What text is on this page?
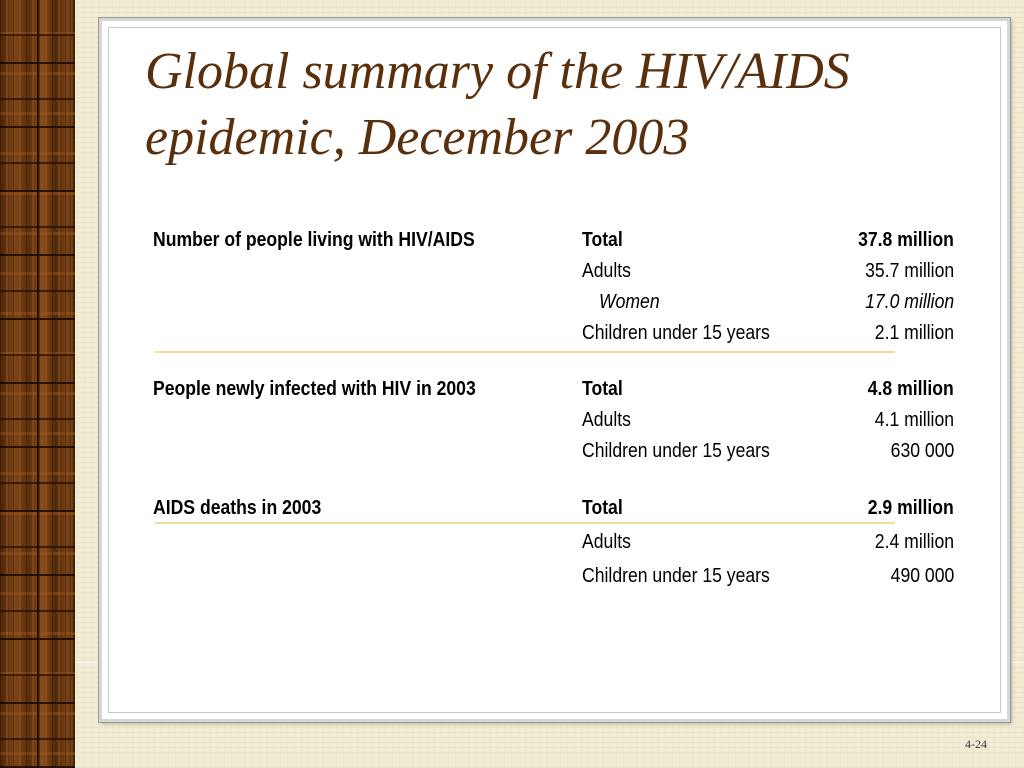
Global summary of the HIV/AIDS
epidemic, December 2003
Number of people living with HIV/AIDS	Total	37.8 million
Adults	35.7 million
Women	17.0 million
Children under 15 years	2.1 million
People newly infected with HIV in 2003	Total	4.8 million
Adults	4.1 million
Children under 15 years	630 000
AIDS deaths in 2003	Total	2.9 million
Adults	2.4 million
Children under 15 years	490 000
4-24
